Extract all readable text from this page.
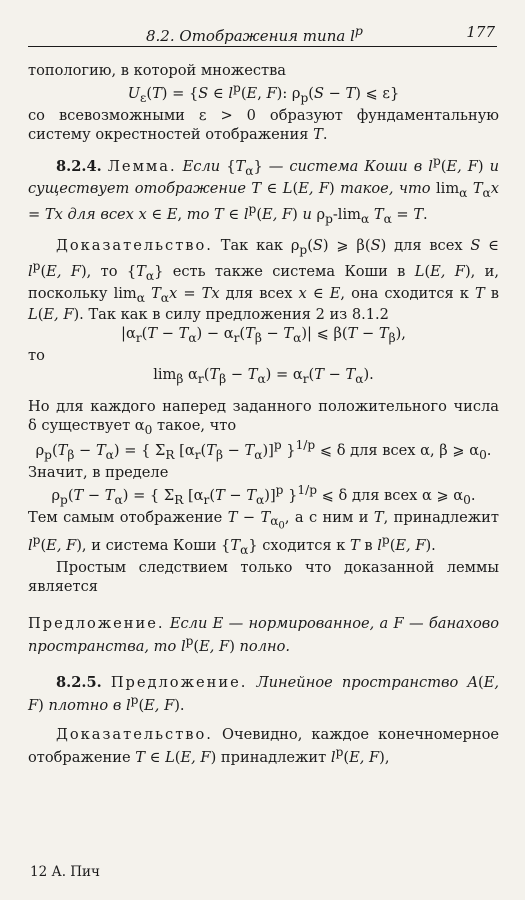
8.2. Отображения типа $l^p$	177

топологию, в которой множества

$U_\varepsilon(T) = \{S$ ∈ $l^p(E$, F): $\rho_p(S - T)$ ⩽ ε}

со всевозможными ε > 0 образуют фундаментальную систему окрестностей отображения T.

8.2.4. Лемма. Если $\{T_\alpha\}$ — система Коши в $l^p(E$, F) и существует отображение T ∈ L(E, F) такое, что $\lim_\alpha T_\alpha x = Tx$ для всех x ∈ E, то T ∈ $l^p(E$, F) и $\rho_p-\lim_\alpha$ $T_\alpha = T$.

Доказательство. Так как $\rho_p(S)$ ⩾ β(S) для всех S ∈ $l^p(E$, F), то $\{T_\alpha\}$ есть также система Коши в L(E, F), и, поскольку $\lim_\alpha T_\alpha x = Tx$ для всех x ∈ E, она сходится к T в L(E, F). Так как в силу предложения 2 из 8.1.2

$|\alpha_r(T - T_\alpha) - \alpha_r(T_\beta - T_\alpha)|$ ⩽ $\beta(T - T_\beta)$,

то

$\lim_\beta \alpha_r(T_\beta - T_\alpha) = \alpha_r(T - T_\alpha)$.

Но для каждого наперед заданного положительного числа δ существует $\alpha_0$ такое, что

$\rho_p(T_\beta - T_\alpha)$ = { $\Sigma_R$ $[\alpha_r(T_\beta - T_\alpha)]^p$ }$^{1/p}$ ⩽ δ для всех α, β ⩾ $\alpha_0$.

Значит, в пределе

$\rho_p(T - T_\alpha)$ = { $\Sigma_R$ $[\alpha_r(T - T_\alpha)]^p$ }$^{1/p}$ ⩽ δ для всех α ⩾ $\alpha_0$.

Тем самым отображение $T - T_{\alpha_0}$, а с ним и T, принадлежит $l^p(E$, F), и система Коши $\{T_\alpha\}$ сходится к T в $l^p(E$, F).

Простым следствием только что доказанной леммы является

Предложение. Если E — нормированное, а F — банахово пространства, то $l^p(E$, F) полно.

8.2.5. Предложение. Линейное пространство A(E, F) плотно в $l^p(E$, F).

Доказательство. Очевидно, каждое конечномерное отображение T ∈ L(E, F) принадлежит $l^p(E$, F),

12 А. Пич
